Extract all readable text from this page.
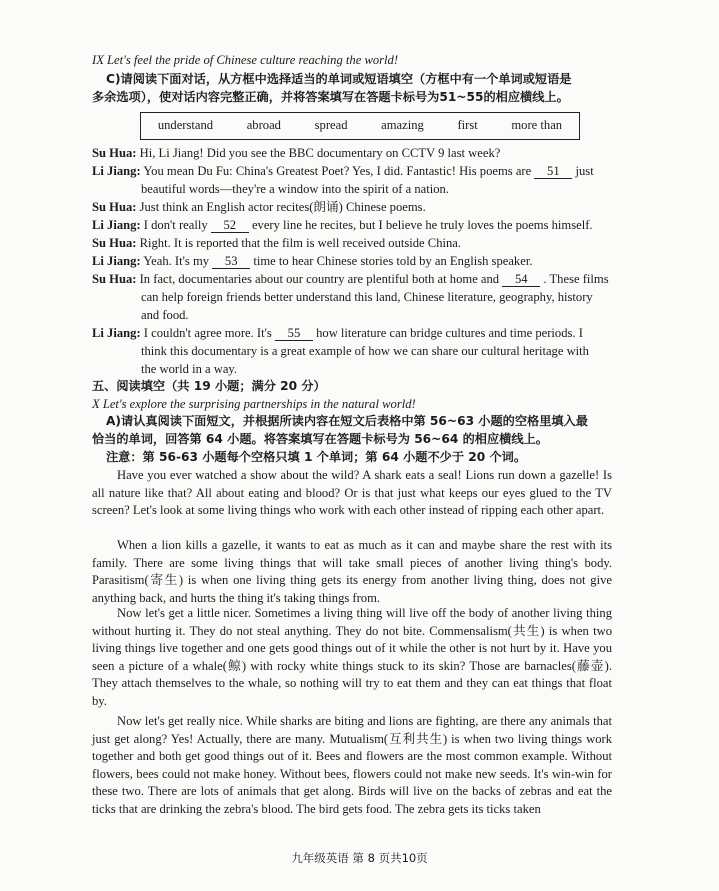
IX Let's feel the pride of Chinese culture reaching the world!
C)请阅读下面对话，从方框中选择适当的单词或短语填空（方框中有一个单词或短语是
多余选项），使对话内容完整正确，并将答案填写在答题卡标号为51~55的相应横线上。
understand	abroad	spread	amazing	first	more than
Su Hua: Hi, Li Jiang! Did you see the BBC documentary on CCTV 9 last week?
Li Jiang: You mean Du Fu: China's Greatest Poet? Yes, I did. Fantastic! His poems are 51 just
beautiful words—they're a window into the spirit of a nation.
Su Hua: Just think an English actor recites(朗诵) Chinese poems.
Li Jiang: I don't really 52 every line he recites, but I believe he truly loves the poems himself.
Su Hua: Right. It is reported that the film is well received outside China.
Li Jiang: Yeah. It's my 53 time to hear Chinese stories told by an English speaker.
Su Hua: In fact, documentaries about our country are plentiful both at home and 54 . These films
can help foreign friends better understand this land, Chinese literature, geography, history
and food.
Li Jiang: I couldn't agree more. It's 55 how literature can bridge cultures and time periods. I
think this documentary is a great example of how we can share our cultural heritage with
the world in a way.
五、阅读填空（共 19 小题；满分 20 分）
X Let's explore the surprising partnerships in the natural world!
A)请认真阅读下面短文，并根据所读内容在短文后表格中第 56~63 小题的空格里填入最
恰当的单词，回答第 64 小题。将答案填写在答题卡标号为 56~64 的相应横线上。
注意：第 56-63 小题每个空格只填 1 个单词；第 64 小题不少于 20 个词。
Have you ever watched a show about the wild? A shark eats a seal! Lions run down a gazelle! Is all nature like that? All about eating and blood? Or is that just what keeps our eyes glued to the TV screen? Let's look at some living things who work with each other instead of ripping each other apart.
When a lion kills a gazelle, it wants to eat as much as it can and maybe share the rest with its family. There are some living things that will take small pieces of another living thing's body. Parasitism(寄生) is when one living thing gets its energy from another living thing, does not give anything back, and hurts the thing it's taking things from.
Now let's get a little nicer. Sometimes a living thing will live off the body of another living thing without hurting it. They do not steal anything. They do not bite. Commensalism(共生) is when two living things live together and one gets good things out of it while the other is not hurt by it. Have you seen a picture of a whale(鲸) with rocky white things stuck to its skin? Those are barnacles(藤壶). They attach themselves to the whale, so nothing will try to eat them and they can eat things that float by.
Now let's get really nice. While sharks are biting and lions are fighting, are there any animals that just get along? Yes! Actually, there are many. Mutualism(互利共生) is when two living things work together and both get good things out of it. Bees and flowers are the most common example. Without flowers, bees could not make honey. Without bees, flowers could not make new seeds. It's win-win for these two. There are lots of animals that get along. Birds will live on the backs of zebras and eat the ticks that are drinking the zebra's blood. The bird gets food. The zebra gets its ticks taken
九年级英语 第 8 页共10页
